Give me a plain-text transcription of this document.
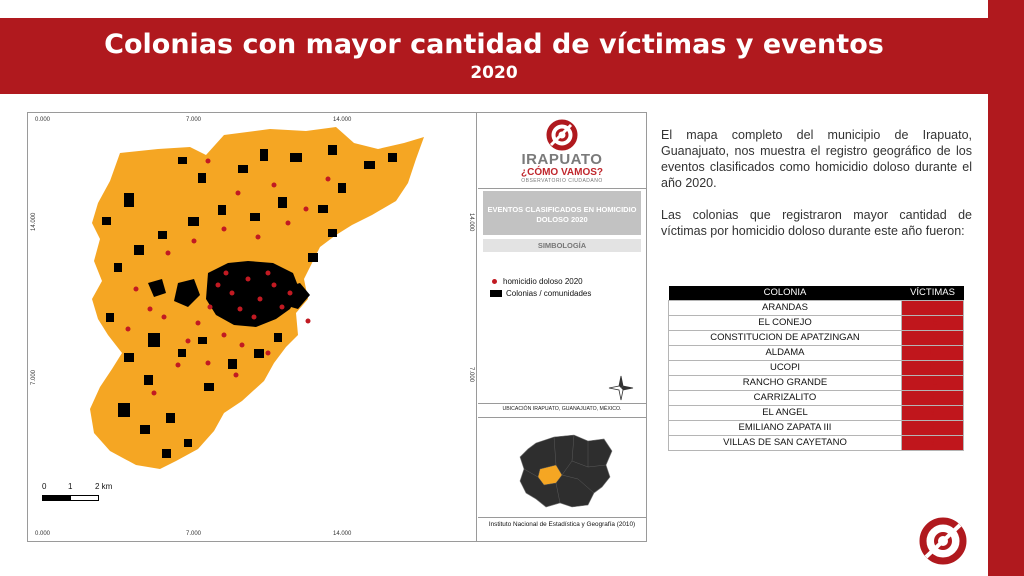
Colonias con mayor cantidad de víctimas y eventos
2020
0.000	7.000	14.000
0.000	7.000	14.000
14.000
7.000
14.000
7.000
0	1	2 km
IRAPUATO
¿CÓMO VAMOS?
OBSERVATORIO CIUDADANO
EVENTOS CLASIFICADOS EN HOMICIDIO DOLOSO 2020
SIMBOLOGÍA
homicidio doloso 2020
Colonias / comunidades
UBICACIÓN IRAPUATO, GUANAJUATO, MÉXICO.
Instituto Nacional de Estadística y Geografía (2010)

El mapa completo del municipio de Irapuato, Guanajuato, nos muestra el registro geográfico de los eventos clasificados como homicidio doloso durante el año 2020.

Las colonias que registraron mayor cantidad de víctimas por homicidio doloso durante este año fueron:

COLONIA	VÍCTIMAS
ARANDAS	27
EL CONEJO	15
CONSTITUCION DE APATZINGAN	13
ALDAMA	11
UCOPI	11
RANCHO GRANDE	10
CARRIZALITO	9
EL ANGEL	9
EMILIANO ZAPATA III	9
VILLAS DE SAN CAYETANO	9
